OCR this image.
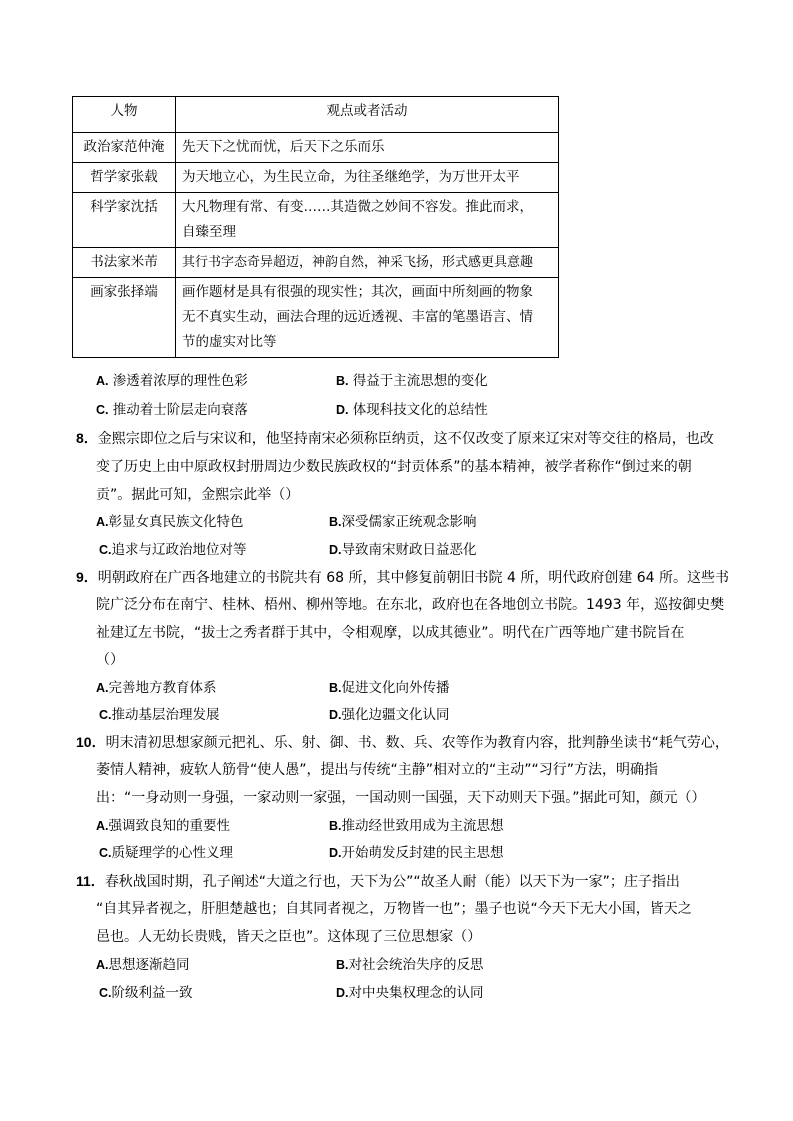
人物	观点或者活动
政治家范仲淹	先天下之忧而忧，后天下之乐而乐
哲学家张载	为天地立心，为生民立命，为往圣继绝学，为万世开太平
科学家沈括	大凡物理有常、有变……其造微之妙间不容发。推此而求，
自臻至理
书法家米芾	其行书字态奇异超迈，神韵自然，神采飞扬，形式感更具意趣
画家张择端	画作题材是具有很强的现实性；其次，画面中所刻画的物象
无不真实生动，画法合理的远近透视、丰富的笔墨语言、情
节的虚实对比等
A. 渗透着浓厚的理性色彩	B. 得益于主流思想的变化
C. 推动着士阶层走向衰落	D. 体现科技文化的总结性
8．金熙宗即位之后与宋议和，他坚持南宋必须称臣纳贡，这不仅改变了原来辽宋对等交往的格局，也改
变了历史上由中原政权封册周边少数民族政权的“封贡体系”的基本精神，被学者称作“倒过来的朝
贡”。据此可知，金熙宗此举（）
A.彰显女真民族文化特色	B.深受儒家正统观念影响
C.追求与辽政治地位对等	D.导致南宋财政日益恶化
9．明朝政府在广西各地建立的书院共有 68 所，其中修复前朝旧书院 4 所，明代政府创建 64 所。这些书
院广泛分布在南宁、桂林、梧州、柳州等地。在东北，政府也在各地创立书院。1493 年，巡按御史樊
祉建辽左书院，“拔士之秀者群于其中，令相观摩，以成其德业”。明代在广西等地广建书院旨在
（）
A.完善地方教育体系	B.促进文化向外传播
C.推动基层治理发展	D.强化边疆文化认同
10．明末清初思想家颜元把礼、乐、射、御、书、数、兵、农等作为教育内容，批判静坐读书“耗气劳心，
萎情人精神，疲软人筋骨“使人愚”，提出与传统“主静”相对立的“主动”“习行”方法，明确指
出：“一身动则一身强，一家动则一家强，一国动则一国强，天下动则天下强。”据此可知，颜元（）
A.强调致良知的重要性	B.推动经世致用成为主流思想
C.质疑理学的心性义理	D.开始萌发反封建的民主思想
11．春秋战国时期，孔子阐述“大道之行也，天下为公”“故圣人耐（能）以天下为一家”；庄子指出
“自其异者视之，肝胆楚越也；自其同者视之，万物皆一也”；墨子也说“今天下无大小国，皆天之
邑也。人无幼长贵贱，皆天之臣也”。这体现了三位思想家（）
A.思想逐渐趋同	B.对社会统治失序的反思
C.阶级利益一致	D.对中央集权理念的认同
